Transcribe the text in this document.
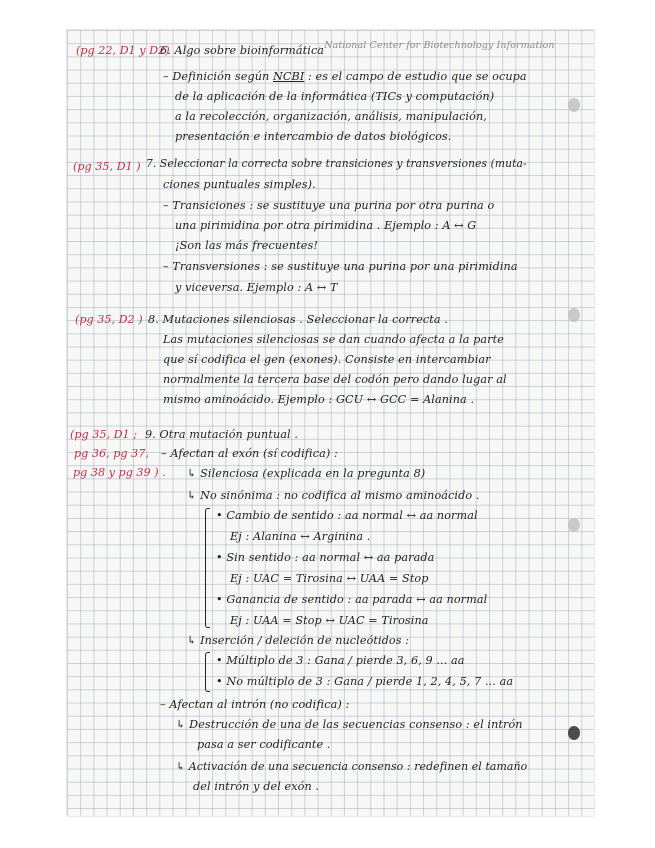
(pg 22, D1 y D2)
6. Algo sobre bioinformática
, National Center for Biotechnology Information
– Definición según NCBI : es el campo de estudio que se ocupa
de la aplicación de la informática (TICs y computación)
a la recolección, organización, análisis, manipulación,
presentación e intercambio de datos biológicos.
(pg 35, D1 ) 7. Seleccionar la correcta sobre transiciones y transversiones (muta-
ciones puntuales simples).
– Transiciones : se sustituye una purina por otra purina o
una pirimidina por otra pirimidina . Ejemplo : A ↔ G
¡Son las más frecuentes!
– Transversiones : se sustituye una purina por una pirimidina
y viceversa. Ejemplo : A ↔ T
(pg 35, D2 ) 8. Mutaciones silenciosas . Seleccionar la correcta .
Las mutaciones silenciosas se dan cuando afecta a la parte
que sí codifica el gen (exones). Consiste en intercambiar
normalmente la tercera base del codón pero dando lugar al
mismo aminoácido. Ejemplo : GCU ↔ GCC = Alanina .
(pg 35, D1 ;
pg 36, pg 37,
pg 38 y pg 39 ) .
9. Otra mutación puntual .
– Afectan al exón (sí codifica) :
↳ Silenciosa (explicada en la pregunta 8)
↳ No sinónima : no codifica al mismo aminoácido .
• Cambio de sentido : aa normal ↔ aa normal
Ej : Alanina ↔ Arginina .
• Sin sentido : aa normal ↔ aa parada
Ej : UAC = Tirosina ↔ UAA = Stop
• Ganancia de sentido : aa parada ↔ aa normal
Ej : UAA = Stop ↔ UAC = Tirosina
↳ Inserción / deleción de nucleótidos :
• Múltiplo de 3 : Gana / pierde 3, 6, 9 ... aa
• No múltiplo de 3 : Gana / pierde 1, 2, 4, 5, 7 ... aa
– Afectan al intrón (no codifica) :
↳ Destrucción de una de las secuencias consenso : el intrón
pasa a ser codificante .
↳ Activación de una secuencia consenso : redefinen el tamaño
del intrón y del exón .
